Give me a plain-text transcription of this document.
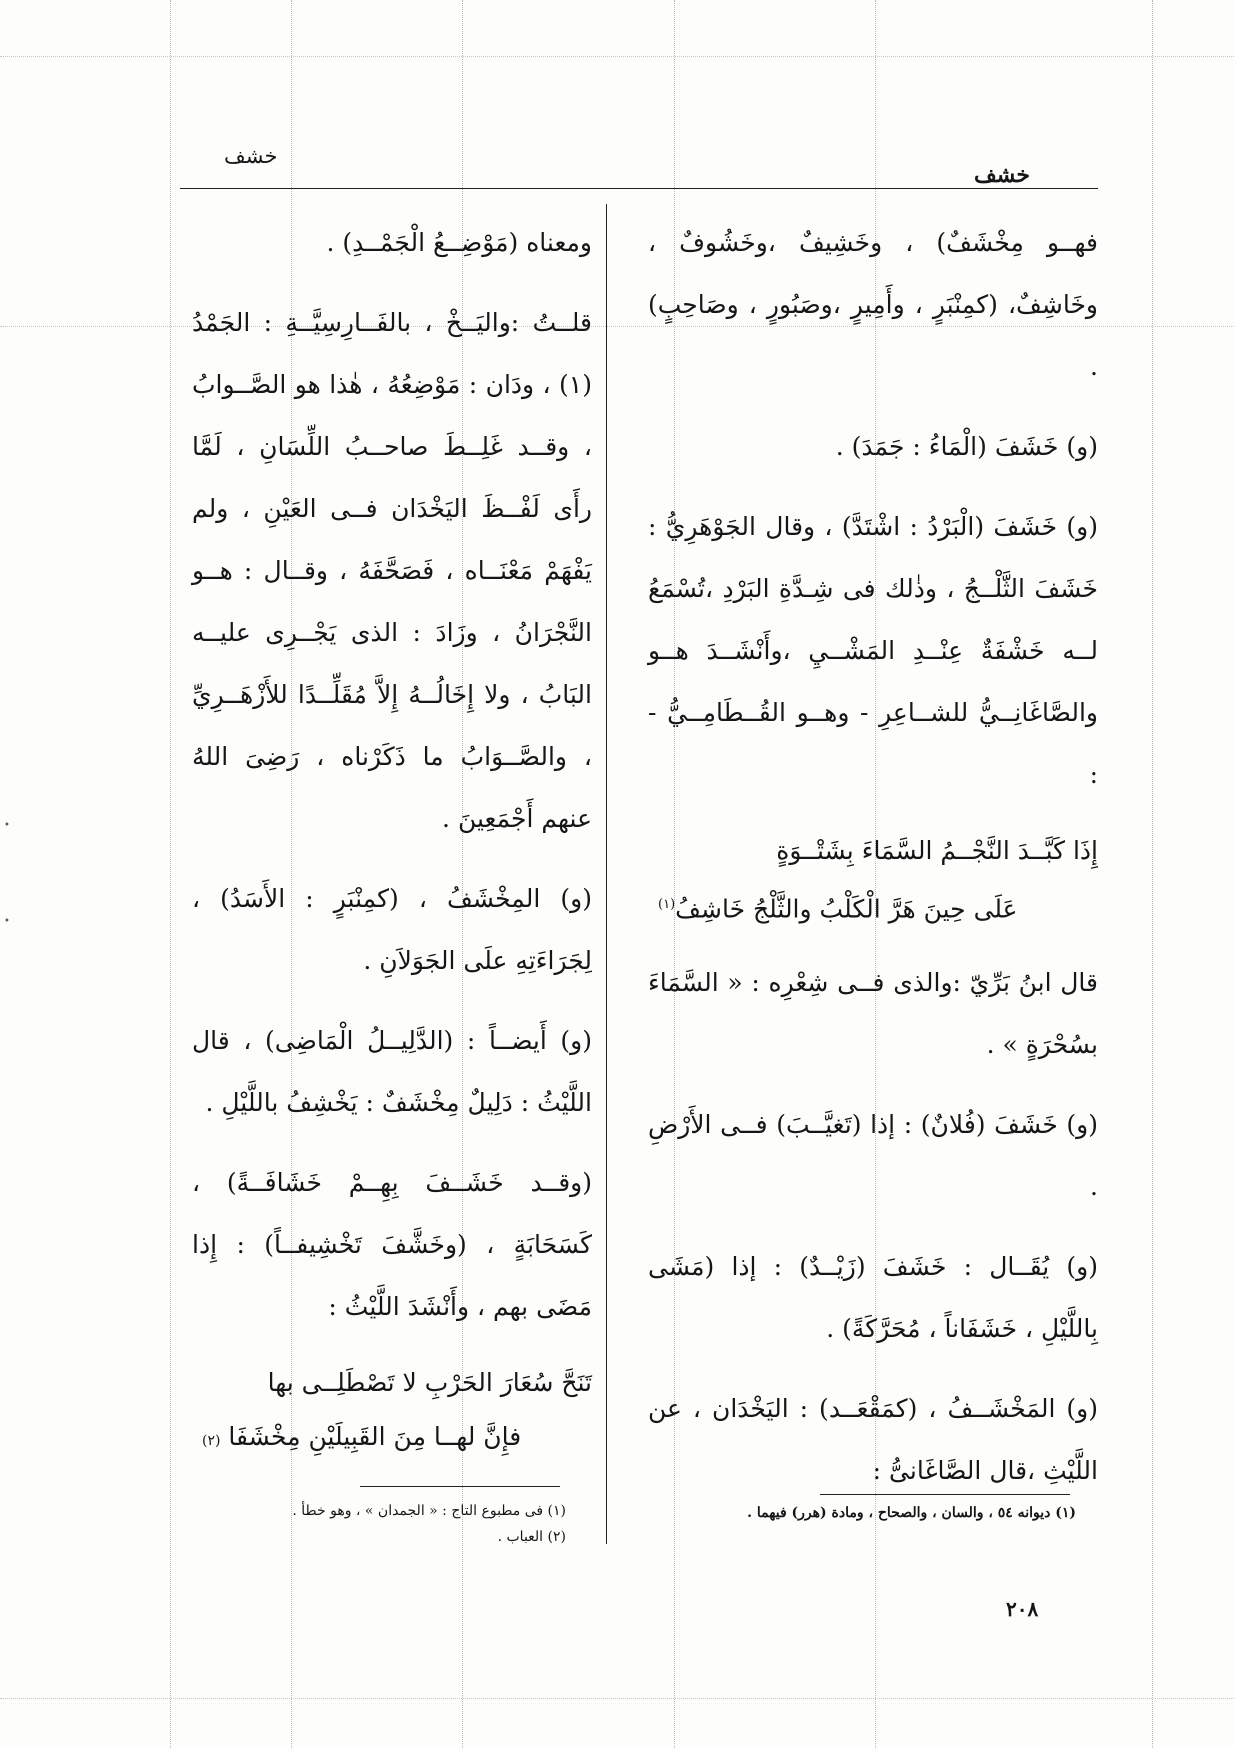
•
•
خشف
خشف

فهــو مِخْشَفٌ) ، وخَشِيفٌ ،وخَشُوفٌ ، وخَاشِفٌ، (كمِنْبَرٍ ، وأَمِيرٍ ،وصَبُورٍ ، وصَاحِبٍ) .

(و) خَشَفَ (الْمَاءُ : جَمَدَ) .

(و) خَشَفَ (الْبَرْدُ : اشْتَدَّ) ، وقال الجَوْهَرِيُّ : خَشَفَ الثَّلْــجُ ، وذٰلك فى شِـدَّةِ البَرْدِ ،تُسْمَعُ لــه خَشْفَةٌ عِنْــدِ المَشْــيِ ،وأَنْشَــدَ هــو والصَّاغَانِــيُّ للشــاعِرِ - وهــو القُــطَامِــيُّ - :

إِذَا كَبَّــدَ النَّجْــمُ السَّمَاءَ بِشَتْــوَةٍ
عَلَى حِينَ هَرَّ الْكَلْبُ والثَّلْجُ خَاشِفُ$^{(١)}$

قال ابنُ بَرِّيّ :والذى فــى شِعْرِه : « السَّمَاءَ بسُحْرَةٍ » .

(و) خَشَفَ (فُلانٌ) : إذا (تَغيَّــبَ) فــى الأَرْضِ .

(و) يُقَــال : خَشَفَ (زَيْــدٌ) : إذا (مَشَى بِاللَّيْلِ ، خَشَفَاناً ، مُحَرَّكَةً) .

(و) المَخْشَــفُ ، (كمَقْعَــد) : اليَخْدَان ، عن اللَّيْثِ ،قال الصَّاغَانىُّ :

ومعناه (مَوْضِــعُ الْجَمْــدِ) .

قلــتُ :واليَــخْ ، بالفَــارِسِيَّــةِ : الجَمْدُ (١) ، ودَان : مَوْضِعُهُ ، هٰذا هو الصَّــوابُ ، وقــد غَلِــطَ صاحــبُ اللِّسَانِ ، لَمَّا رأَى لَفْــظَ اليَخْدَان فــى العَيْنِ ، ولم يَفْهَمْ مَعْنَــاه ، فَصَحَّفَهُ ، وقــال : هــو النَّجْرَانُ ، وزَادَ : الذى يَجْــرِى عليــه البَابُ ، ولا إِخَالُــهُ إِلاَّ مُقَلِّــدًا للأَزْهَــرِيِّ ، والصَّــوَابُ ما ذَكَرْناه ، رَضِىَ اللهُ عنهم أَجْمَعِينَ .

(و) المِخْشَفُ ، (كمِنْبَرٍ : الأَسَدُ) ، لِجَرَاءَتِهِ علَى الجَوَلاَنِ .

(و) أَيضــاً : (الدَّلِيــلُ الْمَاضِى) ، قال اللَّيْثُ : دَلِيلٌ مِخْشَفٌ : يَخْشِفُ باللَّيْلِ .

(وقــد خَشَــفَ بِهِــمْ خَشَافَــةً) ، كَسَحَابَةٍ ، (وخَشَّفَ تَخْشِيفــاً) : إِذا مَضَى بهم ، وأَنْشَدَ اللَّيْثُ :

تَنَحَّ سُعَارَ الحَرْبِ لا تَصْطَلِــى بها
فإِنَّ لهــا مِنَ القَبِيلَيْنِ مِخْشَفَا (٢)
(١) ديوانه ٥٤ ، والسان ، والصحاح ، ومادة (هرر) فيهما .
(١) فى مطبوع التاج : « الجمدان » ، وهو خطأ .
(٢) العباب .
٢٠٨
